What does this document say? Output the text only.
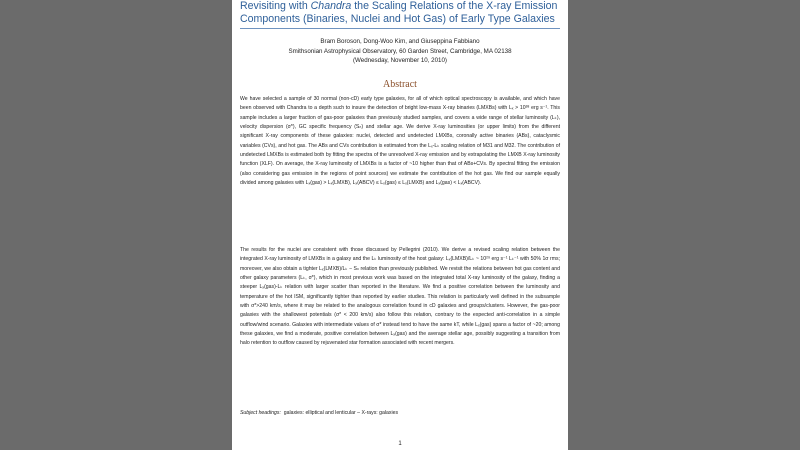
Revisiting with Chandra the Scaling Relations of the X-ray Emission Components (Binaries, Nuclei and Hot Gas) of Early Type Galaxies
Bram Boroson, Dong-Woo Kim, and Giuseppina Fabbiano
Smithsonian Astrophysical Observatory, 60 Garden Street, Cambridge, MA 02138
(Wednesday, November 10, 2010)
Abstract

We have selected a sample of 30 normal (non-cD) early type galaxies, for all of which optical spectroscopy is available, and which have been observed with Chandra to a depth such to insure the detection of bright low-mass X-ray binaries (LMXBs) with Lₓ > 10³⁸ erg s⁻¹. This sample includes a larger fraction of gas-poor galaxies than previously studied samples, and covers a wide range of stellar luminosity (Lₖ), velocity dispersion (σ*), GC specific frequency (Sₙ) and stellar age. We derive X-ray luminosities (or upper limits) from the different significant X-ray components of these galaxies: nuclei, detected and undetected LMXBs, coronally active binaries (ABs), cataclysmic variables (CVs), and hot gas. The ABs and CVs contribution is estimated from the Lₓ-Lₖ scaling relation of M31 and M32. The contribution of undetected LMXBs is estimated both by fitting the spectra of the unresolved X-ray emission and by extrapolating the LMXB X-ray luminosity function (XLF). On average, the X-ray luminosity of LMXBs is a factor of ~10 higher than that of ABs+CVs. By spectral fitting the emission (also considering gas emission in the regions of point sources) we estimate the contribution of the hot gas. We find our sample equally divided among galaxies with Lₓ(gas) > Lₓ(LMXB), Lₓ(ABCV) ≤ Lₓ(gas) ≤ Lₓ(LMXB) and Lₓ(gas) < Lₓ(ABCV).

The results for the nuclei are consistent with those discussed by Pellegrini (2010). We derive a revised scaling relation between the integrated X-ray luminosity of LMXBs in a galaxy and the Lₖ luminosity of the host galaxy: Lₓ(LMXB)/Lₖ ~ 10²⁹ erg s⁻¹ Lₖ⁻¹ with 50% 1σ rms; moreover, we also obtain a tighter Lₓ(LMXB)/Lₖ − Sₙ relation than previously published. We revisit the relations between hot gas content and other galaxy parameters (Lₖ, σ*), which in most previous work was based on the integrated total X-ray luminosity of the galaxy, finding a steeper Lₓ(gas)-Lₖ relation with larger scatter than reported in the literature. We find a positive correlation between the luminosity and temperature of the hot ISM, significantly tighter than reported by earlier studies. This relation is particularly well defined in the subsample with σ*>240 km/s, where it may be related to the analogous correlation found in cD galaxies and groups/clusters. However, the gas-poor galaxies with the shallowest potentials (σ* < 200 km/s) also follow this relation, contrary to the expected anti-correlation in a simple outflow/wind scenario. Galaxies with intermediate values of σ* instead tend to have the same kT, while Lₓ(gas) spans a factor of ~20; among these galaxies, we find a moderate, positive correlation between Lₓ(gas) and the average stellar age, possibly suggesting a transition from halo retention to outflow caused by rejuvenated star formation associated with recent mergers.

Subject headings: galaxies: elliptical and lenticular – X-rays: galaxies

1
